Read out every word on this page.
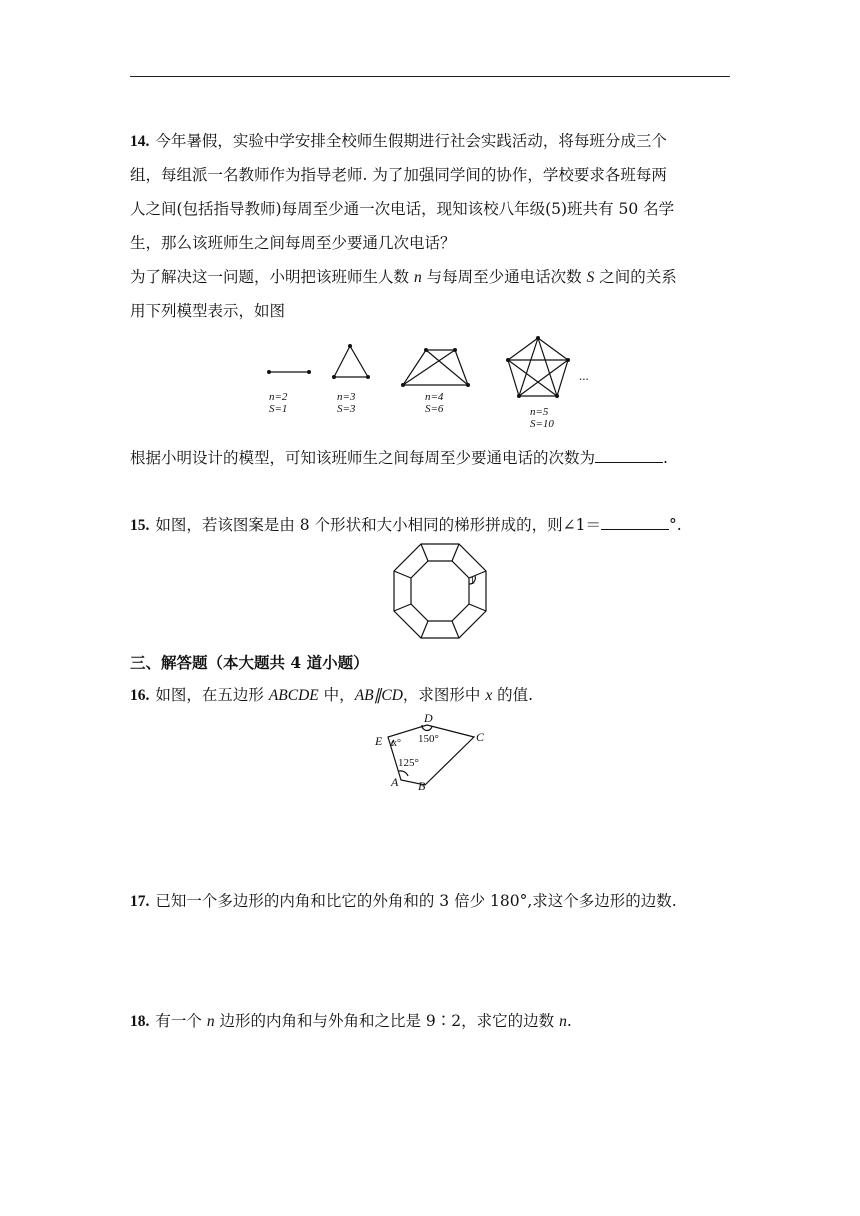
14. 今年暑假，实验中学安排全校师生假期进行社会实践活动，将每班分成三个

组，每组派一名教师作为指导老师. 为了加强同学间的协作，学校要求各班每两

人之间(包括指导教师)每周至少通一次电话，现知该校八年级(5)班共有 50 名学

生，那么该班师生之间每周至少要通几次电话？

为了解决这一问题，小明把该班师生人数 n 与每周至少通电话次数 S 之间的关系

用下列模型表示，如图

n=2
S=1
n=3
S=3
n=4
S=6	n=5
S=10
...

根据小明设计的模型，可知该班师生之间每周至少要通电话的次数为	.

15. 如图，若该图案是由 8 个形状和大小相同的梯形拼成的，则∠1＝	°.

1

三、解答题（本大题共 4 道小题）

16. 如图，在五边形 ABCDE 中，AB∥CD，求图形中 x 的值.

D
C
E
A B
x° 150°
125°

17. 已知一个多边形的内角和比它的外角和的 3 倍少 180°,求这个多边形的边数.

18. 有一个 n 边形的内角和与外角和之比是 9∶2，求它的边数 n.
